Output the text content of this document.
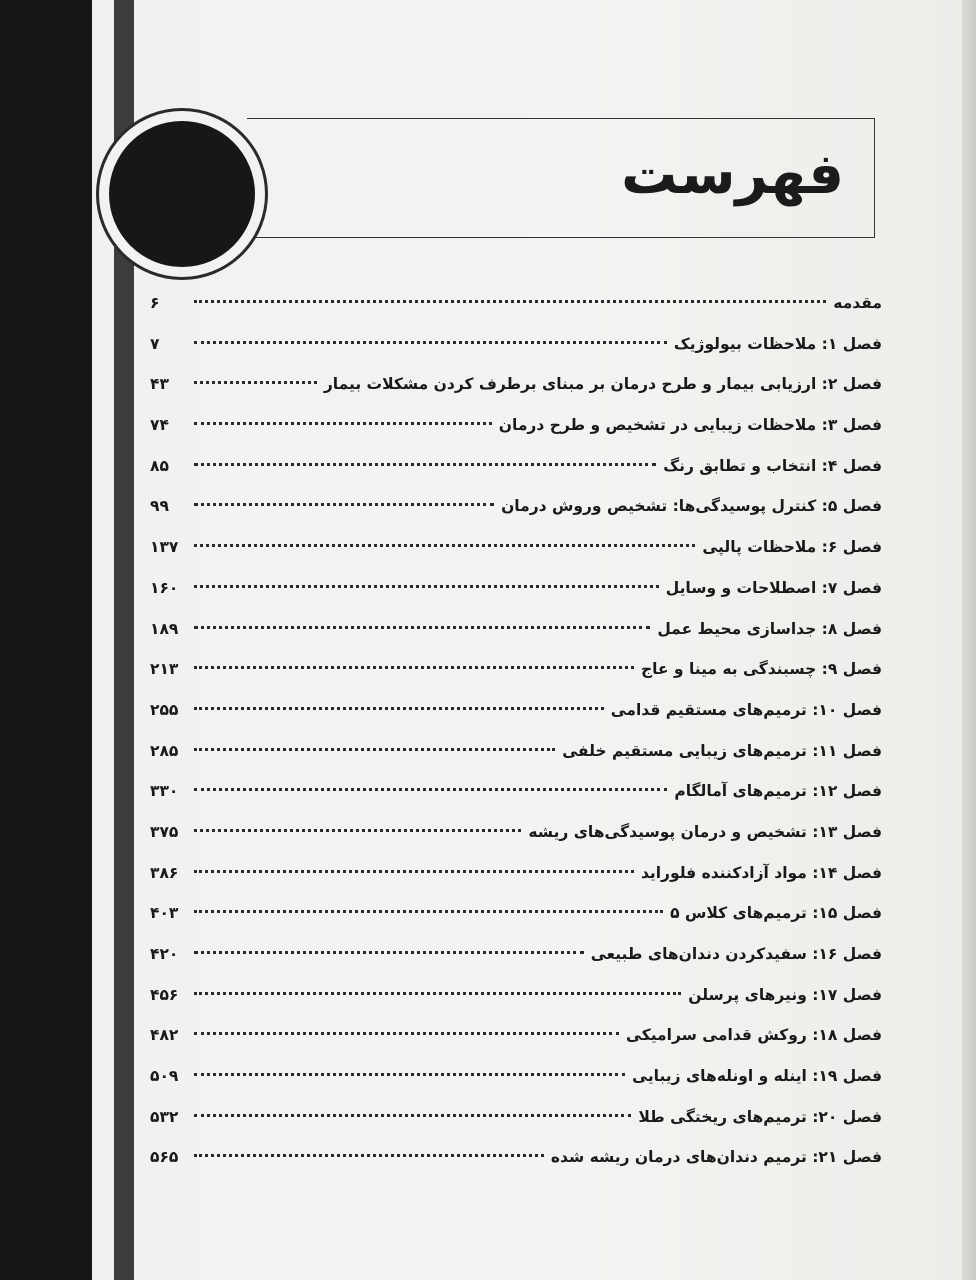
فهرست
مقدمه
۶
فصل ۱: ملاحظات بیولوژیک
۷
فصل ۲: ارزیابی بیمار و طرح درمان بر مبنای برطرف کردن مشکلات بیمار
۴۳
فصل ۳: ملاحظات زیبایی در تشخیص و طرح درمان
۷۴
فصل ۴: انتخاب و تطابق رنگ
۸۵
فصل ۵: کنترل پوسیدگی‌ها: تشخیص وروش درمان
۹۹
فصل ۶: ملاحظات پالپی
۱۳۷
فصل ۷: اصطلاحات و وسایل
۱۶۰
فصل ۸: جداسازی محیط عمل
۱۸۹
فصل ۹: چسبندگی به مینا و عاج
۲۱۳
فصل ۱۰: ترمیم‌های مستقیم قدامی
۲۵۵
فصل ۱۱: ترمیم‌های زیبایی مستقیم خلفی
۲۸۵
فصل ۱۲: ترمیم‌های آمالگام
۳۳۰
فصل ۱۳: تشخیص و درمان پوسیدگی‌های ریشه
۳۷۵
فصل ۱۴: مواد آزادکننده فلوراید
۳۸۶
فصل ۱۵: ترمیم‌های کلاس ۵
۴۰۳
فصل ۱۶: سفیدکردن دندان‌های طبیعی
۴۲۰
فصل ۱۷: ونیرهای پرسلن
۴۵۶
فصل ۱۸: روکش قدامی سرامیکی
۴۸۲
فصل ۱۹: اینله و اونله‌های زیبایی
۵۰۹
فصل ۲۰: ترمیم‌های ریختگی طلا
۵۳۲
فصل ۲۱: ترمیم دندان‌های درمان ریشه شده
۵۶۵
